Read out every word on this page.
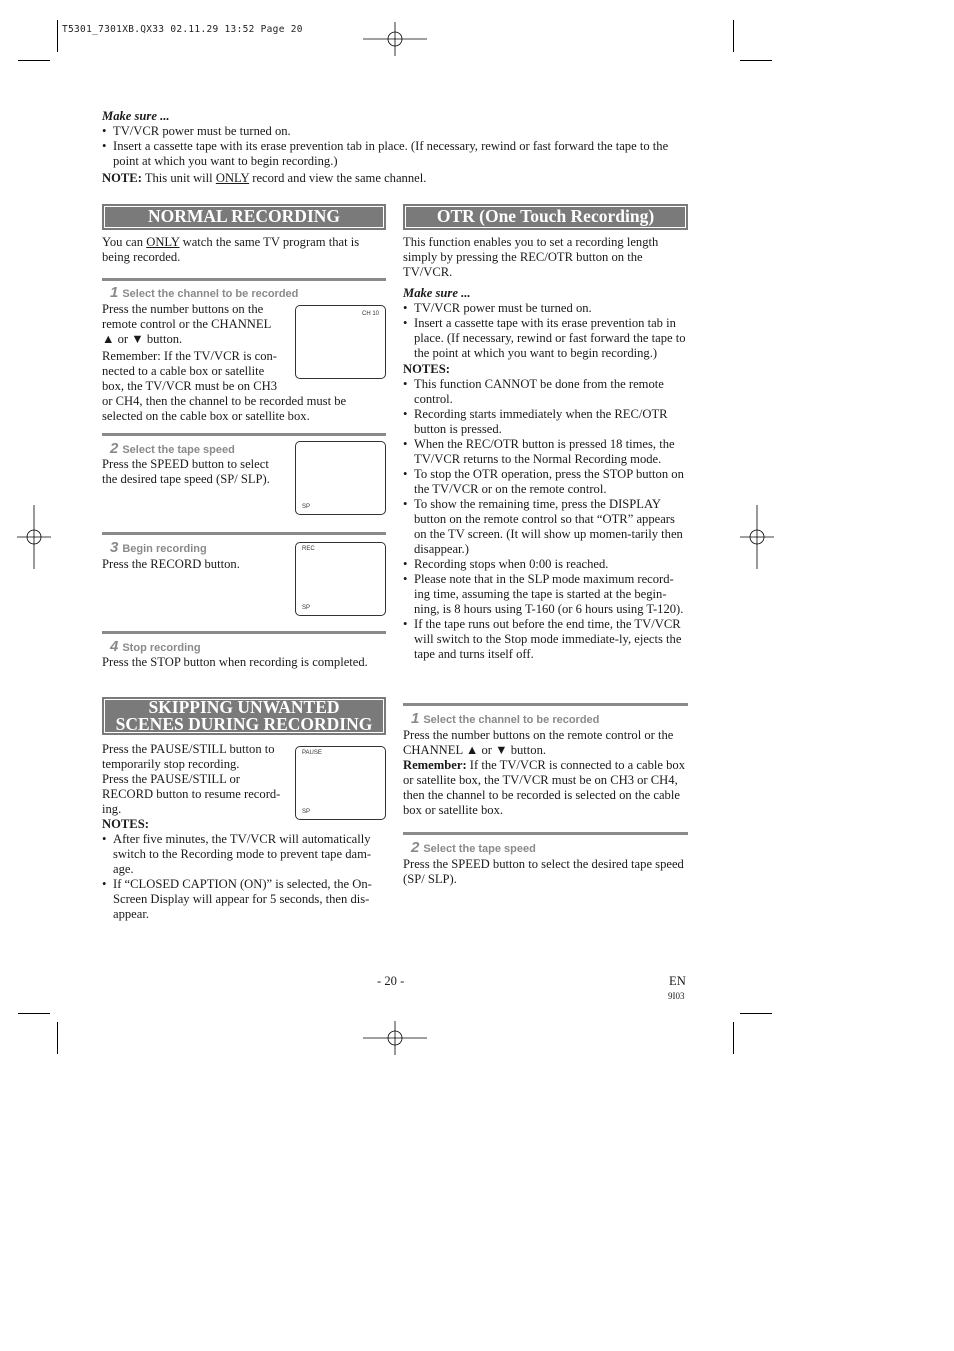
T5301_7301XB.QX33 02.11.29 13:52 Page 20

Make sure ...

• TV/VCR power must be turned on.
• Insert a cassette tape with its erase prevention tab in place. (If necessary, rewind or fast forward the tape to the point at which you want to begin recording.)

NOTE: This unit will ONLY record and view the same channel.

NORMAL RECORDING
You can ONLY watch the same TV program that is being recorded.
1 Select the channel to be recorded

Press the number buttons on the

remote control or the CHANNEL

▲ or ▼ button.

Remember: If the TV/VCR is con-

nected to a cable box or satellite

box, the TV/VCR must be on CH3

or CH4, then the channel to be recorded must be

selected on the cable box or satellite box.

CH 10
2 Select the tape speed

Press the SPEED button to select

the desired tape speed (SP/ SLP).

SP
3 Begin recording

Press the RECORD button.

REC
SP
4 Stop recording

Press the STOP button when recording is completed.

SKIPPING UNWANTED
SCENES DURING RECORDING

Press the PAUSE/STILL button to

temporarily stop recording.

Press the PAUSE/STILL or

RECORD button to resume record-

ing.

PAUSE
SP

NOTES:

• After five minutes, the TV/VCR will automatically switch to the Recording mode to prevent tape dam-age.
• If “CLOSED CAPTION (ON)” is selected, the On-Screen Display will appear for 5 seconds, then dis-appear.
OTR (One Touch Recording)

This function enables you to set a recording length simply by pressing the REC/OTR button on the TV/VCR.

Make sure ...

• TV/VCR power must be turned on.
• Insert a cassette tape with its erase prevention tab in place. (If necessary, rewind or fast forward the tape to the point at which you want to begin recording.)

NOTES:

• This function CANNOT be done from the remote control.
• Recording starts immediately when the REC/OTR button is pressed.
• When the REC/OTR button is pressed 18 times, the TV/VCR returns to the Normal Recording mode.
• To stop the OTR operation, press the STOP button on the TV/VCR or on the remote control.
• To show the remaining time, press the DISPLAY button on the remote control so that “OTR” appears on the TV screen. (It will show up momen-tarily then disappear.)
• Recording stops when 0:00 is reached.
• Please note that in the SLP mode maximum record-ing time, assuming the tape is started at the begin-ning, is 8 hours using T-160 (or 6 hours using T-120).
• If the tape runs out before the end time, the TV/VCR will switch to the Stop mode immediate-ly, ejects the tape and turns itself off.
1 Select the channel to be recorded

Press the number buttons on the remote control or the CHANNEL ▲ or ▼ button.

Remember: If the TV/VCR is connected to a cable box or satellite box, the TV/VCR must be on CH3 or CH4, then the channel to be recorded is selected on the cable box or satellite box.

2 Select the tape speed

Press the SPEED button to select the desired tape speed (SP/ SLP).

- 20 -	EN
9I03
